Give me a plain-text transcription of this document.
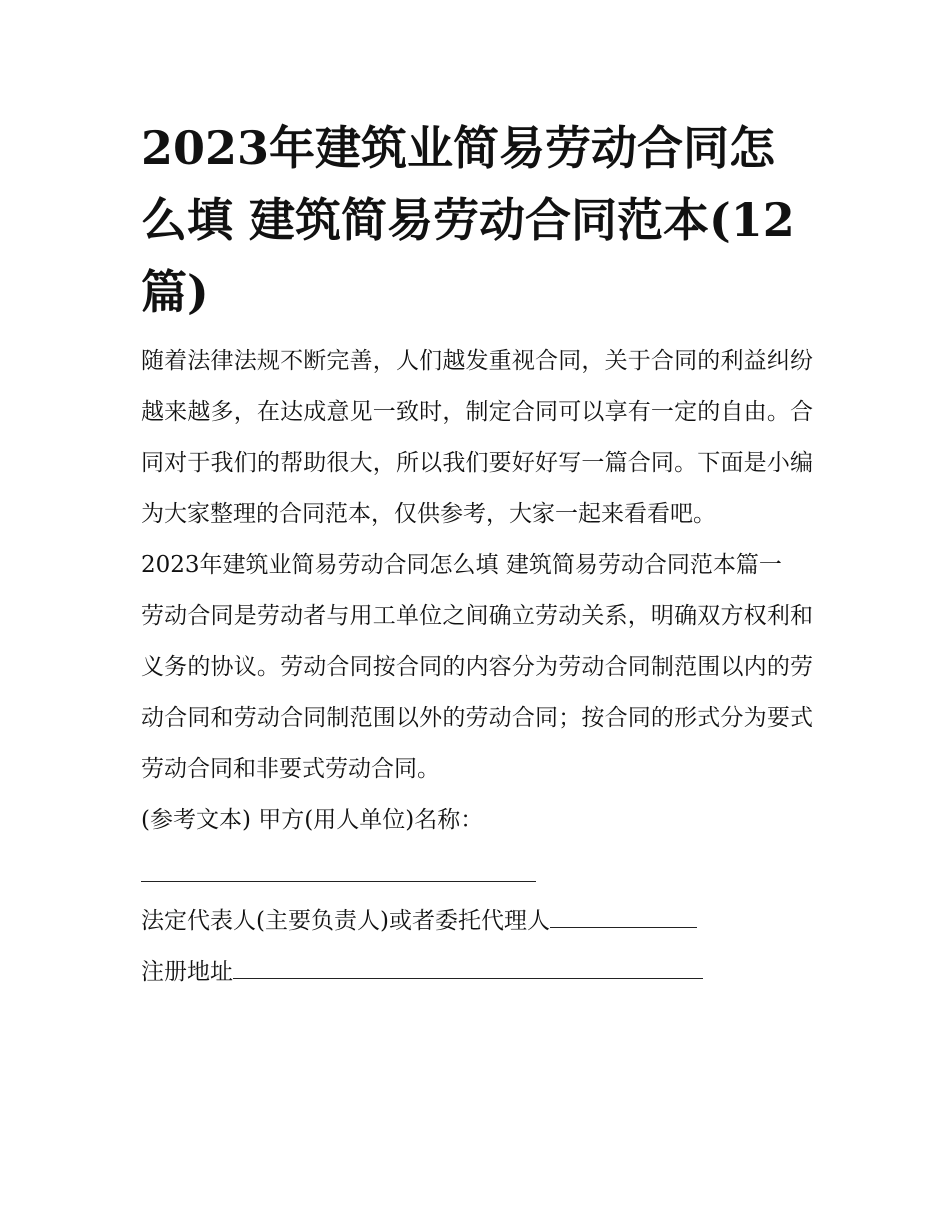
2023年建筑业简易劳动合同怎么填 建筑简易劳动合同范本(12篇)

随着法律法规不断完善，人们越发重视合同，关于合同的利益纠纷越来越多，在达成意见一致时，制定合同可以享有一定的自由。合同对于我们的帮助很大，所以我们要好好写一篇合同。下面是小编为大家整理的合同范本，仅供参考，大家一起来看看吧。

2023年建筑业简易劳动合同怎么填 建筑简易劳动合同范本篇一

劳动合同是劳动者与用工单位之间确立劳动关系，明确双方权利和义务的协议。劳动合同按合同的内容分为劳动合同制范围以内的劳动合同和劳动合同制范围以外的劳动合同；按合同的形式分为要式劳动合同和非要式劳动合同。

(参考文本) 甲方(用人单位)名称：

法定代表人(主要负责人)或者委托代理人
注册地址
